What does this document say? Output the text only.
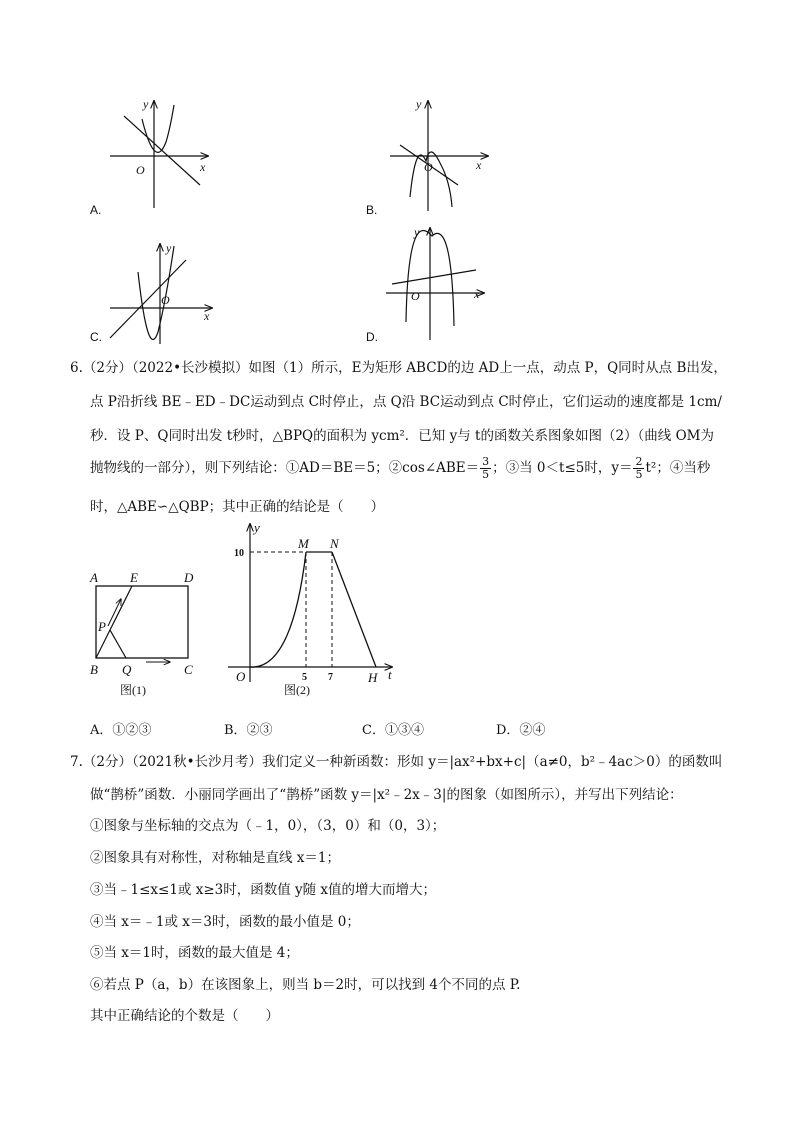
y
x
O
A.
y
x
O
B.
y
x
O
C.
y
x
O
D.
6.（2分）（2022•长沙模拟）如图（1）所示，E为矩形 ABCD的边 AD上一点，动点 P，Q同时从点 B出发，
点 P沿折线 BE﹣ED﹣DC运动到点 C时停止，点 Q沿 BC运动到点 C时停止，它们运动的速度都是 1cm/
秒．设 P、Q同时出发 t秒时，△BPQ的面积为 ycm²．已知 y与 t的函数关系图象如图（2）（曲线 OM为
抛物线的一部分），则下列结论：①AD＝BE＝5；②cos∠ABE＝ $\frac{3}{5}$ ；③当 0＜t≤5时，$y= \frac{2}{5} t^2$；④当秒
时，△ABE∽△QBP；其中正确的结论是（　　）
A E	D
P
B Q	C
图(1)
y
t
O
M N
H
10
5 7
图(2)
A．①②③	B．②③	C．①③④	D．②④
7.（2分）（2021秋•长沙月考）我们定义一种新函数：形如 y＝|ax²+bx+c|（a≠0，b²﹣4ac＞0）的函数叫
做“鹊桥”函数．小丽同学画出了“鹊桥”函数 y＝|x²﹣2x﹣3|的图象（如图所示），并写出下列结论：
①图象与坐标轴的交点为（﹣1，0），（3，0）和（0，3）；
②图象具有对称性，对称轴是直线 x＝1；
③当﹣1≤x≤1或 x≥3时，函数值 y随 x值的增大而增大；
④当 x＝﹣1或 x＝3时，函数的最小值是 0；
⑤当 x＝1时，函数的最大值是 4；
⑥若点 P（a，b）在该图象上，则当 b＝2时，可以找到 4个不同的点 P.
其中正确结论的个数是（　　）
